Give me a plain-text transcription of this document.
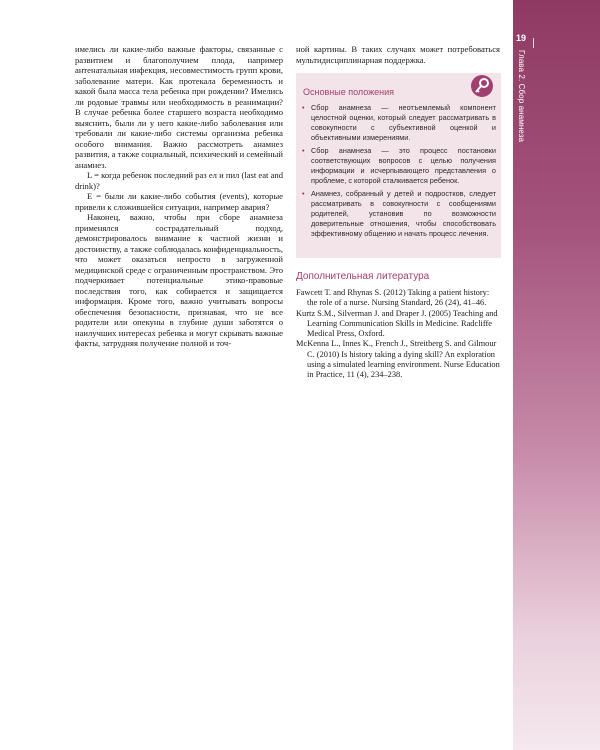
19
Глава 2. Сбор анамнеза

имелись ли какие-либо важные факторы, связанные с развитием и благополучием плода, например антенатальная инфекция, несовместимость групп крови, заболевание матери. Как протекала беременность и какой была масса тела ребенка при рождении? Имелись ли родовые травмы или необходимость в реанимации? В случае ребенка более старшего возраста необходимо выяснить, были ли у него какие-либо заболевания или требовали ли какие-либо системы организма ребенка особого внимания. Важно рассмотреть анамнез развития, а также социальный, психический и семейный анамнез.

L = когда ребенок последний раз ел и пил (last eat and drink)?

E = были ли какие-либо события (events), которые привели к сложившейся ситуации, например авария?

Наконец, важно, чтобы при сборе анамнеза применялся сострадательный подход, демонстрировалось внимание к частной жизни и достоинству, а также соблюдалась конфиденциальность, что может оказаться непросто в загруженной медицинской среде с ограниченным пространством. Это подчеркивает потенциальные этико-правовые последствия того, как собирается и защищается информация. Кроме того, важно учитывать вопросы обеспечения безопасности, признавая, что не все родители или опекуны в глубине души заботятся о наилучших интересах ребенка и могут скрывать важные факты, затрудняя получение полной и точ-

ной картины. В таких случаях может потребоваться мультидисциплинарная поддержка.

Основные положения
• Сбор анамнеза — неотъемлемый компонент целостной оценки, который следует рассматривать в совокупности с субъективной оценкой и объективными измерениями.
• Сбор анамнеза — это процесс постановки соответствующих вопросов с целью получения информации и исчерпывающего представления о проблеме, с которой сталкивается ребенок.
• Анамнез, собранный у детей и подростков, следует рассматривать в совокупности с сообщениями родителей, установив по возможности доверительные отношения, чтобы способствовать эффективному общению и начать процесс лечения.
Дополнительная литература

Fawcett T. and Rhynas S. (2012) Taking a patient history: the role of a nurse. Nursing Standard, 26 (24), 41–46.

Kurtz S.M., Silverman J. and Draper J. (2005) Teaching and Learning Communication Skills in Medicine. Radcliffe Medical Press, Oxford.

McKenna L., Innes K., French J., Streitberg S. and Gilmour C. (2010) Is history taking a dying skill? An exploration using a simulated learning environment. Nurse Education in Practice, 11 (4), 234–238.
